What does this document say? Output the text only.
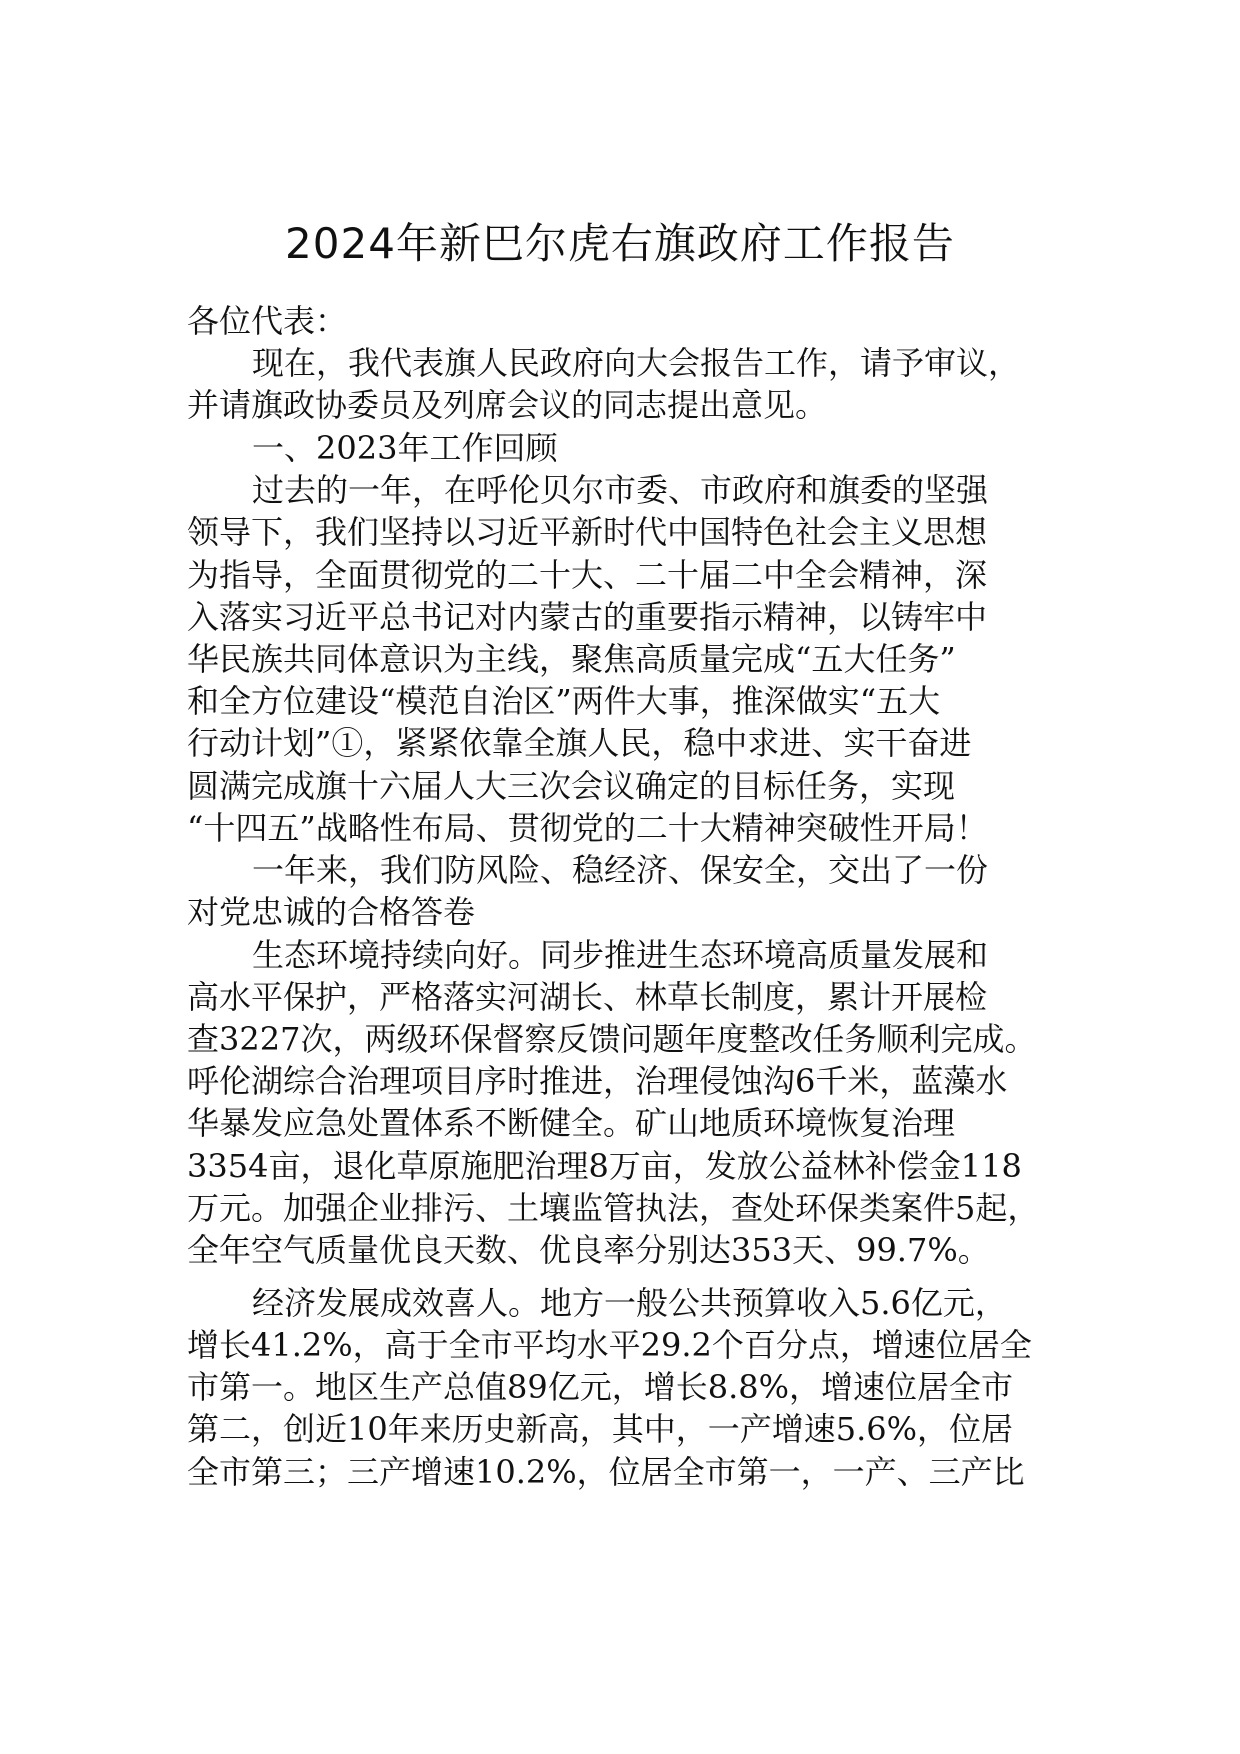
2024年新巴尔虎右旗政府工作报告
各位代表：
现在，我代表旗人民政府向大会报告工作，请予审议，
并请旗政协委员及列席会议的同志提出意见。
一、2023年工作回顾
过去的一年，在呼伦贝尔市委、市政府和旗委的坚强
领导下，我们坚持以习近平新时代中国特色社会主义思想
为指导，全面贯彻党的二十大、二十届二中全会精神，深
入落实习近平总书记对内蒙古的重要指示精神，以铸牢中
华民族共同体意识为主线，聚焦高质量完成“五大任务”
和全方位建设“模范自治区”两件大事，推深做实“五大
行动计划”①，紧紧依靠全旗人民，稳中求进、实干奋进
圆满完成旗十六届人大三次会议确定的目标任务，实现
“十四五”战略性布局、贯彻党的二十大精神突破性开局！
一年来，我们防风险、稳经济、保安全，交出了一份
对党忠诚的合格答卷
生态环境持续向好。同步推进生态环境高质量发展和
高水平保护，严格落实河湖长、林草长制度，累计开展检
查3227次，两级环保督察反馈问题年度整改任务顺利完成。
呼伦湖综合治理项目序时推进，治理侵蚀沟6千米，蓝藻水
华暴发应急处置体系不断健全。矿山地质环境恢复治理
3354亩，退化草原施肥治理8万亩，发放公益林补偿金118
万元。加强企业排污、土壤监管执法，查处环保类案件5起，
全年空气质量优良天数、优良率分别达353天、99.7%。
经济发展成效喜人。地方一般公共预算收入5.6亿元，
增长41.2%，高于全市平均水平29.2个百分点，增速位居全
市第一。地区生产总值89亿元，增长8.8%，增速位居全市
第二，创近10年来历史新高，其中，一产增速5.6%，位居
全市第三；三产增速10.2%，位居全市第一，一产、三产比
